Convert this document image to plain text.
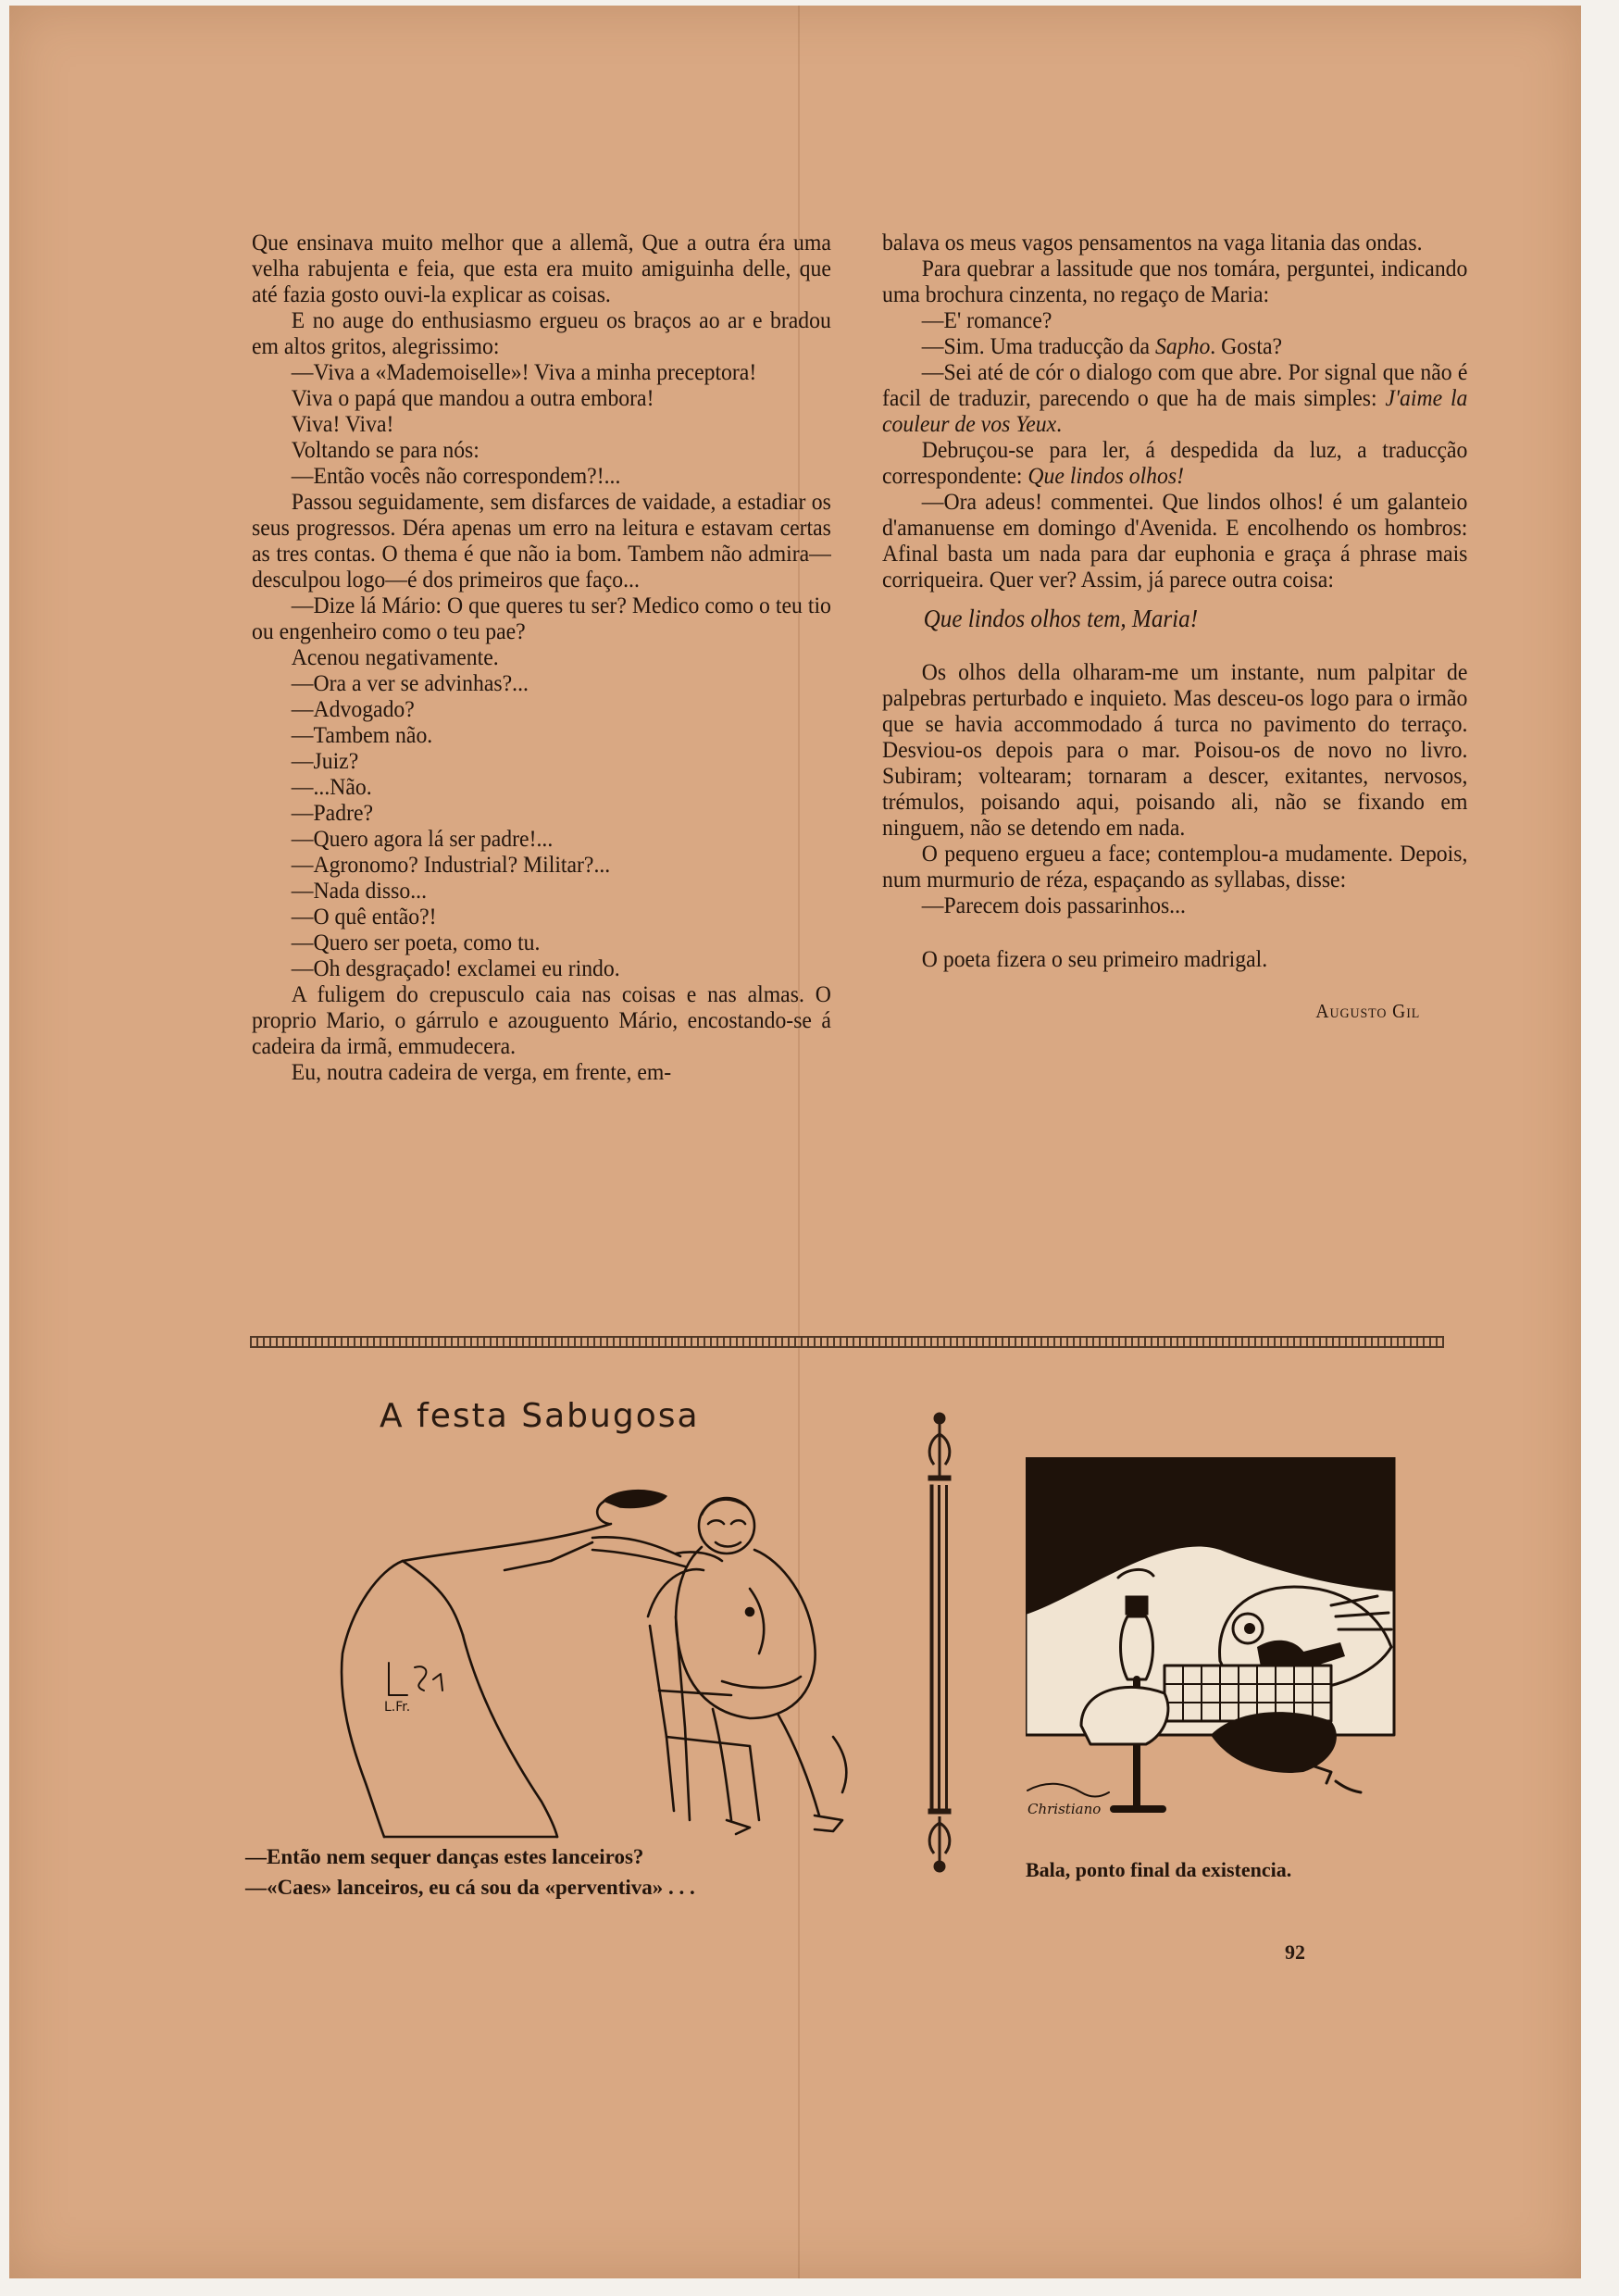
Que ensinava muito melhor que a allemã, Que a outra éra uma velha rabujenta e feia, que esta era muito amiguinha delle, que até fazia gosto ouvi-la explicar as coisas.

E no auge do enthusiasmo ergueu os braços ao ar e bradou em altos gritos, alegrissimo:

—Viva a «Mademoiselle»! Viva a minha preceptora!

Viva o papá que mandou a outra embora!

Viva! Viva!

Voltando se para nós:

—Então vocês não correspondem?!...

Passou seguidamente, sem disfarces de vaidade, a estadiar os seus progressos. Déra apenas um erro na leitura e estavam certas as tres contas. O thema é que não ia bom. Tambem não admira—desculpou logo—é dos primeiros que faço...

—Dize lá Mário: O que queres tu ser? Medico como o teu tio ou engenheiro como o teu pae?

Acenou negativamente.

—Ora a ver se advinhas?...

—Advogado?

—Tambem não.

—Juiz?

—...Não.

—Padre?

—Quero agora lá ser padre!...

—Agronomo? Industrial? Militar?...

—Nada disso...

—O quê então?!

—Quero ser poeta, como tu.

—Oh desgraçado! exclamei eu rindo.

A fuligem do crepusculo caia nas coisas e nas almas. O proprio Mario, o gárrulo e azouguento Mário, encostando-se á cadeira da irmã, emmudecera.

Eu, noutra cadeira de verga, em frente, em-

balava os meus vagos pensamentos na vaga litania das ondas.

Para quebrar a lassitude que nos tomára, perguntei, indicando uma brochura cinzenta, no regaço de Maria:

—E' romance?

—Sim. Uma traducção da Sapho. Gosta?

—Sei até de cór o dialogo com que abre. Por signal que não é facil de traduzir, parecendo o que ha de mais simples: J'aime la couleur de vos Yeux.

Debruçou-se para ler, á despedida da luz, a traducção correspondente: Que lindos olhos!

—Ora adeus! commentei. Que lindos olhos! é um galanteio d'amanuense em domingo d'Avenida. E encolhendo os hombros: Afinal basta um nada para dar euphonia e graça á phrase mais corriqueira. Quer ver? Assim, já parece outra coisa:

Que lindos olhos tem, Maria!

Os olhos della olharam-me um instante, num palpitar de palpebras perturbado e inquieto. Mas desceu-os logo para o irmão que se havia accommodado á turca no pavimento do terraço. Desviou-os depois para o mar. Poisou-os de novo no livro. Subiram; voltearam; tornaram a descer, exitantes, nervosos, trémulos, poisando aqui, poisando ali, não se fixando em ninguem, não se detendo em nada.

O pequeno ergueu a face; contemplou-a mudamente. Depois, num murmurio de réza, espaçando as syllabas, disse:

—Parecem dois passarinhos...

O poeta fizera o seu primeiro madrigal.

Augusto Gil

A festa Sabugosa
L.Fr.
—Então nem sequer danças estes lanceiros?
—«Caes» lanceiros, eu cá sou da «perventiva» . . .
Christiano
Bala, ponto final da existencia.
92
